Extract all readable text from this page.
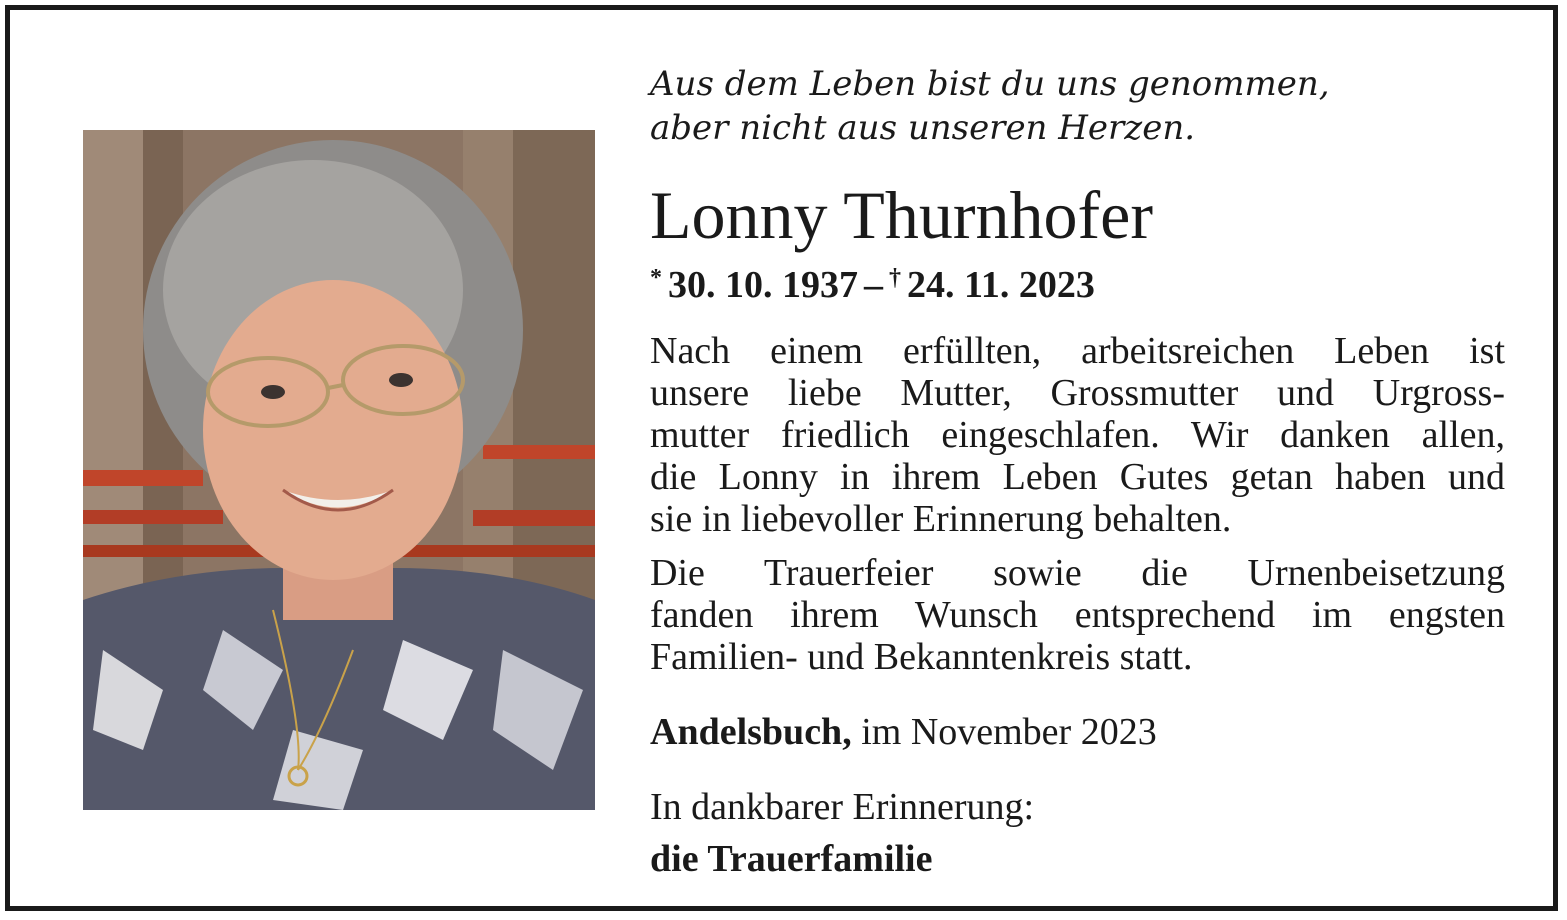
Aus dem Leben bist du uns genommen,
aber nicht aus unseren Herzen.
Lonny Thurnhofer
* 30. 10. 1937 – † 24. 11. 2023
Nach einem erfüllten, arbeitsreichen Leben ist
unsere liebe Mutter, Grossmutter und Urgross-
mutter friedlich eingeschlafen. Wir danken allen,
die Lonny in ihrem Leben Gutes getan haben und
sie in liebevoller Erinnerung behalten.
Die Trauerfeier sowie die Urnenbeisetzung
fanden ihrem Wunsch entsprechend im engsten
Familien- und Bekanntenkreis statt.
Andelsbuch, im November 2023
In dankbarer Erinnerung:
die Trauerfamilie
